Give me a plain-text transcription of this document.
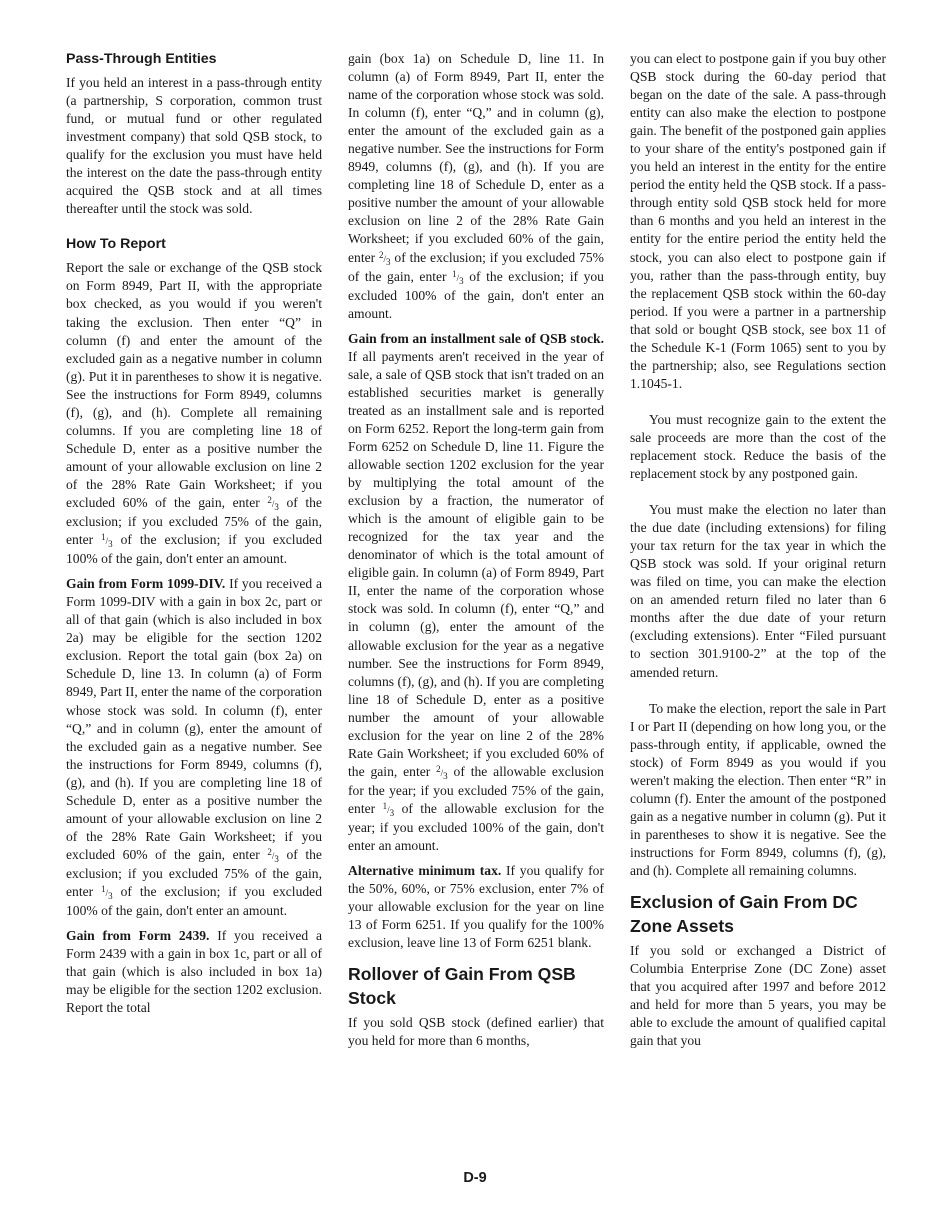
Pass-Through Entities

If you held an interest in a pass-through entity (a partnership, S corporation, common trust fund, or mutual fund or other regulated investment company) that sold QSB stock, to qualify for the exclusion you must have held the interest on the date the pass-through entity acquired the QSB stock and at all times thereafter until the stock was sold.

How To Report

Report the sale or exchange of the QSB stock on Form 8949, Part II, with the appropriate box checked, as you would if you weren't taking the exclusion. Then enter “Q” in column (f) and enter the amount of the excluded gain as a negative number in column (g). Put it in parentheses to show it is negative. See the instructions for Form 8949, columns (f), (g), and (h). Complete all remaining columns. If you are completing line 18 of Schedule D, enter as a positive number the amount of your allowable exclusion on line 2 of the 28% Rate Gain Worksheet; if you excluded 60% of the gain, enter $^2/_3$ of the exclusion; if you excluded 75% of the gain, enter $^1/_3$ of the exclusion; if you excluded 100% of the gain, don't enter an amount.

Gain from Form 1099-DIV. If you received a Form 1099-DIV with a gain in box 2c, part or all of that gain (which is also included in box 2a) may be eligible for the section 1202 exclusion. Report the total gain (box 2a) on Schedule D, line 13. In column (a) of Form 8949, Part II, enter the name of the corporation whose stock was sold. In column (f), enter “Q,” and in column (g), enter the amount of the excluded gain as a negative number. See the instructions for Form 8949, columns (f), (g), and (h). If you are completing line 18 of Schedule D, enter as a positive number the amount of your allowable exclusion on line 2 of the 28% Rate Gain Worksheet; if you excluded 60% of the gain, enter $^2/_3$ of the exclusion; if you excluded 75% of the gain, enter $^1/_3$ of the exclusion; if you excluded 100% of the gain, don't enter an amount.

Gain from Form 2439. If you received a Form 2439 with a gain in box 1c, part or all of that gain (which is also included in box 1a) may be eligible for the section 1202 exclusion. Report the total

gain (box 1a) on Schedule D, line 11. In column (a) of Form 8949, Part II, enter the name of the corporation whose stock was sold. In column (f), enter “Q,” and in column (g), enter the amount of the excluded gain as a negative number. See the instructions for Form 8949, columns (f), (g), and (h). If you are completing line 18 of Schedule D, enter as a positive number the amount of your allowable exclusion on line 2 of the 28% Rate Gain Worksheet; if you excluded 60% of the gain, enter $^2/_3$ of the exclusion; if you excluded 75% of the gain, enter $^1/_3$ of the exclusion; if you excluded 100% of the gain, don't enter an amount.

Gain from an installment sale of QSB stock. If all payments aren't received in the year of sale, a sale of QSB stock that isn't traded on an established securities market is generally treated as an installment sale and is reported on Form 6252. Report the long-term gain from Form 6252 on Schedule D, line 11. Figure the allowable section 1202 exclusion for the year by multiplying the total amount of the exclusion by a fraction, the numerator of which is the amount of eligible gain to be recognized for the tax year and the denominator of which is the total amount of eligible gain. In column (a) of Form 8949, Part II, enter the name of the corporation whose stock was sold. In column (f), enter “Q,” and in column (g), enter the amount of the allowable exclusion for the year as a negative number. See the instructions for Form 8949, columns (f), (g), and (h). If you are completing line 18 of Schedule D, enter as a positive number the amount of your allowable exclusion for the year on line 2 of the 28% Rate Gain Worksheet; if you excluded 60% of the gain, enter $^2/_3$ of the allowable exclusion for the year; if you excluded 75% of the gain, enter $^1/_3$ of the allowable exclusion for the year; if you excluded 100% of the gain, don't enter an amount.

Alternative minimum tax. If you qualify for the 50%, 60%, or 75% exclusion, enter 7% of your allowable exclusion for the year on line 13 of Form 6251. If you qualify for the 100% exclusion, leave line 13 of Form 6251 blank.

Rollover of Gain From QSB Stock

If you sold QSB stock (defined earlier) that you held for more than 6 months,

you can elect to postpone gain if you buy other QSB stock during the 60-day period that began on the date of the sale. A pass-through entity can also make the election to postpone gain. The benefit of the postponed gain applies to your share of the entity's postponed gain if you held an interest in the entity for the entire period the entity held the QSB stock. If a pass-through entity sold QSB stock held for more than 6 months and you held an interest in the entity for the entire period the entity held the stock, you can also elect to postpone gain if you, rather than the pass-through entity, buy the replacement QSB stock within the 60-day period. If you were a partner in a partnership that sold or bought QSB stock, see box 11 of the Schedule K-1 (Form 1065) sent to you by the partnership; also, see Regulations section 1.1045-1.

You must recognize gain to the extent the sale proceeds are more than the cost of the replacement stock. Reduce the basis of the replacement stock by any postponed gain.

You must make the election no later than the due date (including extensions) for filing your tax return for the tax year in which the QSB stock was sold. If your original return was filed on time, you can make the election on an amended return filed no later than 6 months after the due date of your return (excluding extensions). Enter “Filed pursuant to section 301.9100-2” at the top of the amended return.

To make the election, report the sale in Part I or Part II (depending on how long you, or the pass-through entity, if applicable, owned the stock) of Form 8949 as you would if you weren't making the election. Then enter “R” in column (f). Enter the amount of the postponed gain as a negative number in column (g). Put it in parentheses to show it is negative. See the instructions for Form 8949, columns (f), (g), and (h). Complete all remaining columns.

Exclusion of Gain From DC Zone Assets

If you sold or exchanged a District of Columbia Enterprise Zone (DC Zone) asset that you acquired after 1997 and before 2012 and held for more than 5 years, you may be able to exclude the amount of qualified capital gain that you

D-9
